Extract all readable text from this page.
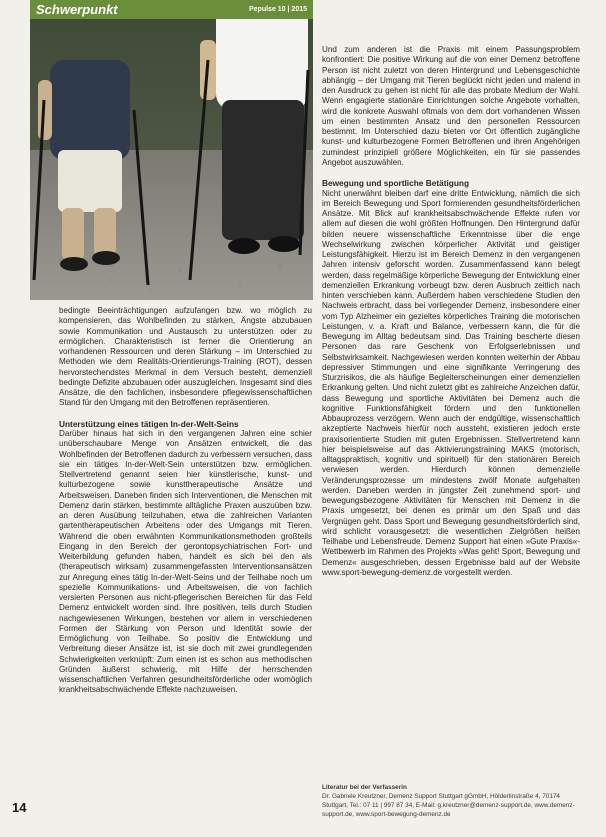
Schwerpunkt	Pepulse 10 | 2015

bedingte Beeinträchtigungen aufzufangen bzw. wo möglich zu kompensieren, das Wohlbefinden zu stärken, Ängste abzubauen sowie Kommunikation und Austausch zu unterstützen oder zu ermöglichen. Charakteristisch ist ferner die Orientierung an vorhandenen Ressourcen und deren Stärkung – im Unterschied zu Methoden wie dem Realitäts-Orientierungs-Training (ROT), dessen hervorstechendstes Merkmal in dem Versuch besteht, demenziell bedingte Defizite abzubauen oder auszugleichen. Insgesamt sind dies Ansätze, die den fachlichen, insbesondere pflegewissenschaftlichen Stand für den Umgang mit den Betroffenen repräsentieren.

Unterstützung eines tätigen In-der-Welt-Seins

Darüber hinaus hat sich in den vergangenen Jahren eine schier unüberschaubare Menge von Ansätzen entwickelt, die das Wohlbefinden der Betroffenen dadurch zu verbessern versuchen, dass sie ein tätiges In-der-Welt-Sein unterstützen bzw. ermöglichen. Stellvertretend genannt seien hier künstlerische, kunst- und kulturbezogene sowie kunsttherapeutische Ansätze und Arbeitsweisen. Daneben finden sich Interventionen, die Menschen mit Demenz darin stärken, bestimmte alltägliche Praxen auszuüben bzw. an deren Ausübung teilzuhaben, etwa die zahlreichen Varianten gartentherapeutischen Arbeitens oder des Umgangs mit Tieren. Während die oben erwähnten Kommunikationsmethoden großteils Eingang in den Bereich der gerontopsychiatrischen Fort- und Weiterbildung gefunden haben, handelt es sich bei den als (therapeutisch wirksam) zusammengefassten Interventionsansätzen zur Anregung eines tätig In-der-Welt-Seins und der Teilhabe noch um spezielle Kommunikations- und Arbeitsweisen, die von fachlich versierten Personen aus nicht-pflegerischen Bereichen für das Feld Demenz entwickelt worden sind. Ihre positiven, teils durch Studien nachgewiesenen Wirkungen, bestehen vor allem in verschiedenen Formen der Stärkung von Person und Identität sowie der Ermöglichung von Teilhabe. So positiv die Entwicklung und Verbreitung dieser Ansätze ist, ist sie doch mit zwei grundlegenden Schwierigkeiten verknüpft: Zum einen ist es schon aus methodischen Gründen äußerst schwierig, mit Hilfe der herrschenden wissenschaftlichen Verfahren gesundheitsförderliche oder womöglich krankheitsabschwächende Effekte nachzuweisen.

Und zum anderen ist die Praxis mit einem Passungsproblem konfrontiert: Die positive Wirkung auf die von einer Demenz betroffene Person ist nicht zuletzt von deren Hintergrund und Lebensgeschichte abhängig – der Umgang mit Tieren beglückt nicht jeden und malend in den Ausdruck zu gehen ist nicht für alle das probate Medium der Wahl. Wenn engagierte stationäre Einrichtungen solche Angebote vorhalten, wird die konkrete Auswahl oftmals von dem dort vorhandenen Wissen um einen bestimmten Ansatz und den personellen Ressourcen bestimmt. Im Unterschied dazu bieten vor Ort öffentlich zugängliche kunst- und kulturbezogene Formen Betroffenen und ihren Angehörigen zumindest prinzipiell größere Möglichkeiten, ein für sie passendes Angebot auszuwählen.

Bewegung und sportliche Betätigung

Nicht unerwähnt bleiben darf eine dritte Entwicklung, nämlich die sich im Bereich Bewegung und Sport formierenden gesundheitsförderlichen Ansätze. Mit Blick auf krankheitsabschwächende Effekte rufen vor allem auf diesen die wohl größten Hoffnungen. Den Hintergrund dafür bilden neuere wissenschaftliche Erkenntnisse über die enge Wechselwirkung zwischen körperlicher Aktivität und geistiger Leistungsfähigkeit. Hierzu ist im Bereich Demenz in den vergangenen Jahren intensiv geforscht worden. Zusammenfassend kann belegt werden, dass regelmäßige körperliche Bewegung der Entwicklung einer demenziellen Erkrankung vorbeugt bzw. deren Ausbruch zeitlich nach hinten verschieben kann. Außerdem haben verschiedene Studien den Nachweis erbracht, dass bei vorliegender Demenz, insbesondere einer vom Typ Alzheimer ein gezieltes körperliches Training die motorischen Leistungen, v. a. Kraft und Balance, verbessern kann, die für die Bewegung im Alltag bedeutsam sind. Das Training bescherte diesen Personen das rare Geschenk von Erfolgserlebnissen und Selbstwirksamkeit. Nachgewiesen werden konnten weiterhin der Abbau depressiver Stimmungen und eine signifikante Verringerung des Sturzrisikos, die als häufige Begleiterscheinungen einer demenziellen Erkrankung gelten. Und nicht zuletzt gibt es zahlreiche Anzeichen dafür, dass Bewegung und sportliche Aktivitäten bei Demenz auch die kognitive Funktionsfähigkeit fördern und den funktionellen Abbauprozess verzögern. Wenn auch der endgültige, wissenschaftlich akzeptierte Nachweis hierfür noch aussteht, existieren jedoch erste praxisorientierte Studien mit guten Ergebnissen. Stellvertretend kann hier beispielsweise auf das Aktivierungstraining MAKS (motorisch, alltagspraktisch, kognitiv und spirituell) für den stationären Bereich verwiesen werden. Hierdurch können demenzielle Veränderungsprozesse um mindestens zwölf Monate aufgehalten werden. Daneben werden in jüngster Zeit zunehmend sport- und bewegungsbezogene Aktivitäten für Menschen mit Demenz in die Praxis umgesetzt, bei denen es primär um den Spaß und das Vergnügen geht. Dass Sport und Bewegung gesundheitsförderlich sind, wird schlicht vorausgesetzt: die wesentlichen Zielgrößen heißen Teilhabe und Lebensfreude. Demenz Support hat einen »Gute Praxis«-Wettbewerb im Rahmen des Projekts »Was geht! Sport, Bewegung und Demenz« ausgeschrieben, dessen Ergebnisse bald auf der Website www.sport-bewegung-demenz.de vorgestellt werden.

Literatur bei der Verfasserin
Dr. Gabriele Kreutzner, Demenz Support Stuttgart gGmbH, Hölderlinstraße 4, 70174 Stuttgart, Tel.: 07 11 | 997 87 34, E-Mail: g.kreutzner@demenz-support.de, www.demenz-support.de, www.sport-bewegung-demenz.de
14
